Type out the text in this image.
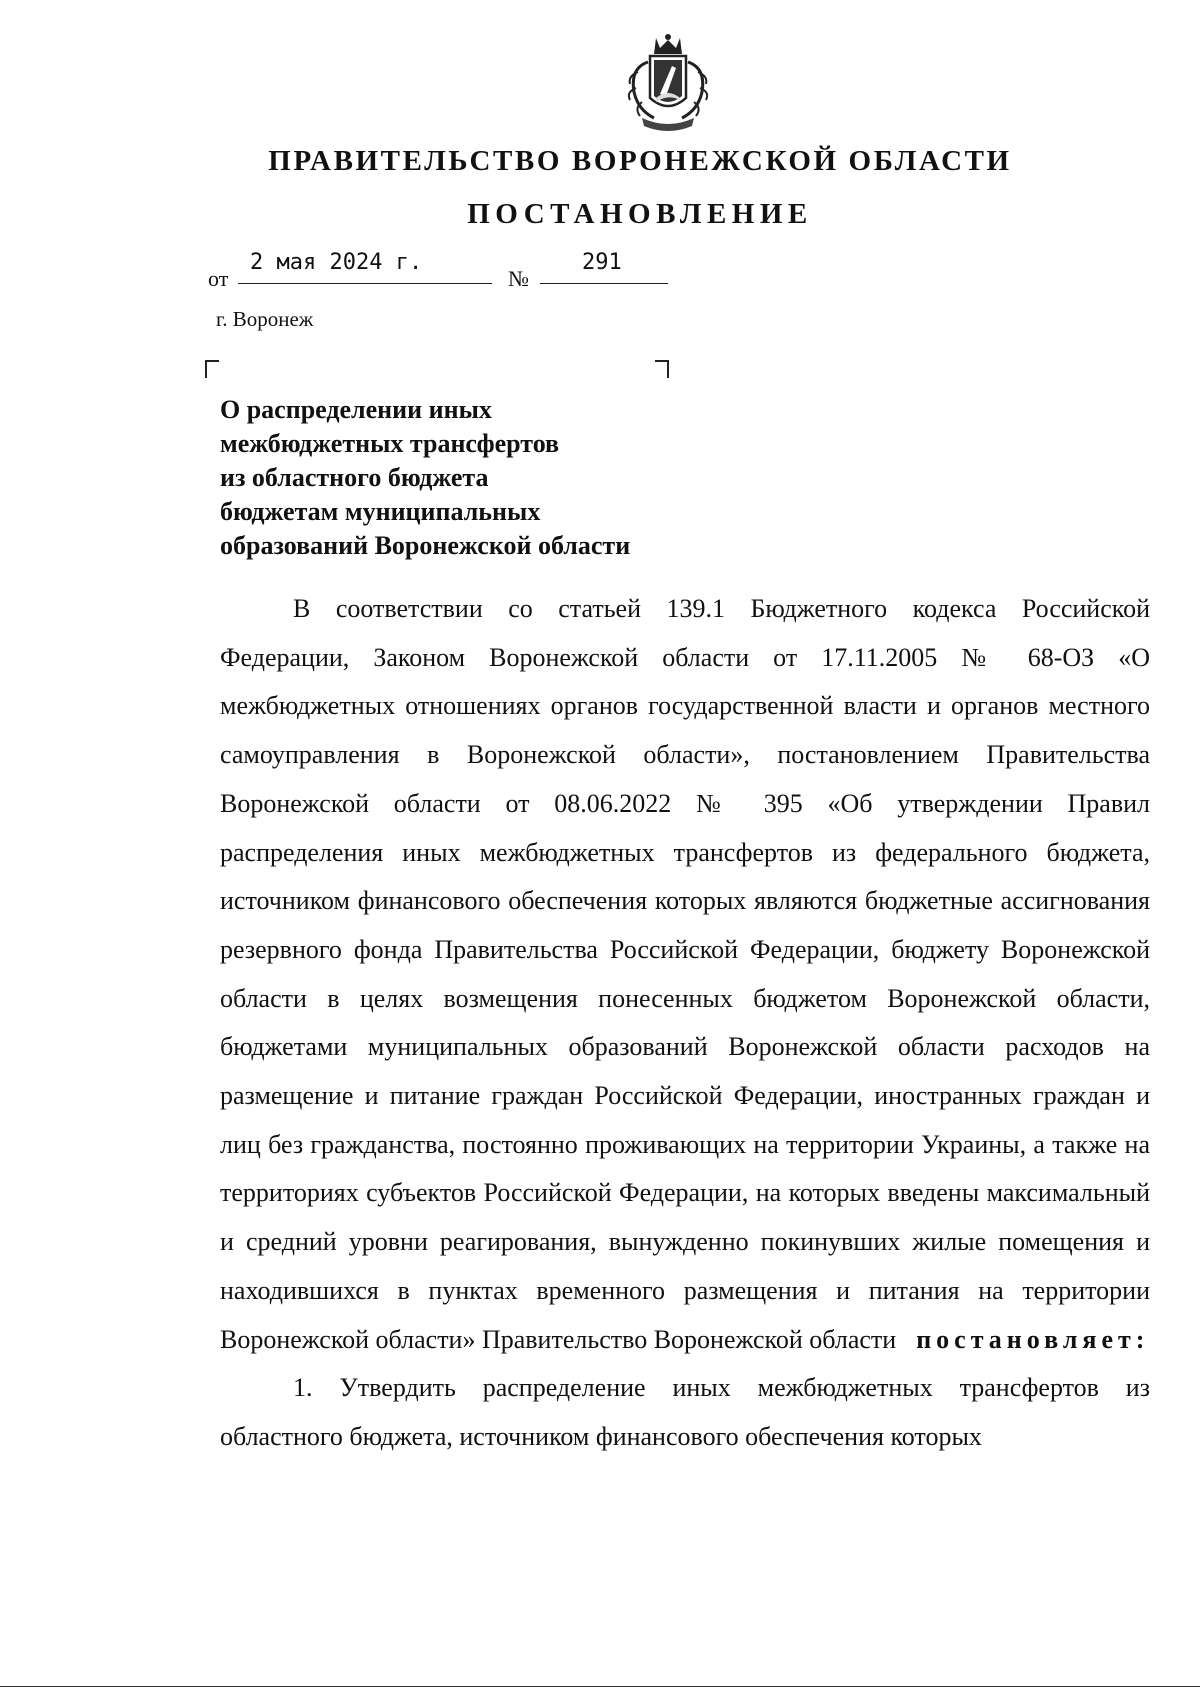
ПРАВИТЕЛЬСТВО ВОРОНЕЖСКОЙ ОБЛАСТИ
ПОСТАНОВЛЕНИЕ
от
2 мая 2024 г.
№
291
г. Воронеж
О распределении иных
межбюджетных трансфертов
из областного бюджета
бюджетам муниципальных
образований Воронежской области

В соответствии со статьей 139.1 Бюджетного кодекса Российской Федерации, Законом Воронежской области от 17.11.2005 № 68-ОЗ «О межбюджетных отношениях органов государственной власти и органов местного самоуправления в Воронежской области», постановлением Правительства Воронежской области от 08.06.2022 № 395 «Об утверждении Правил распределения иных межбюджетных трансфертов из федерального бюджета, источником финансового обеспечения которых являются бюджетные ассигнования резервного фонда Правительства Российской Федерации, бюджету Воронежской области в целях возмещения понесенных бюджетом Воронежской области, бюджетами муниципальных образований Воронежской области расходов на размещение и питание граждан Российской Федерации, иностранных граждан и лиц без гражданства, постоянно проживающих на территории Украины, а также на территориях субъектов Российской Федерации, на которых введены максимальный и средний уровни реагирования, вынужденно покинувших жилые помещения и находившихся в пунктах временного размещения и питания на территории Воронежской области» Правительство Воронежской области постановляет:

1. Утвердить распределение иных межбюджетных трансфертов из областного бюджета, источником финансового обеспечения которых
